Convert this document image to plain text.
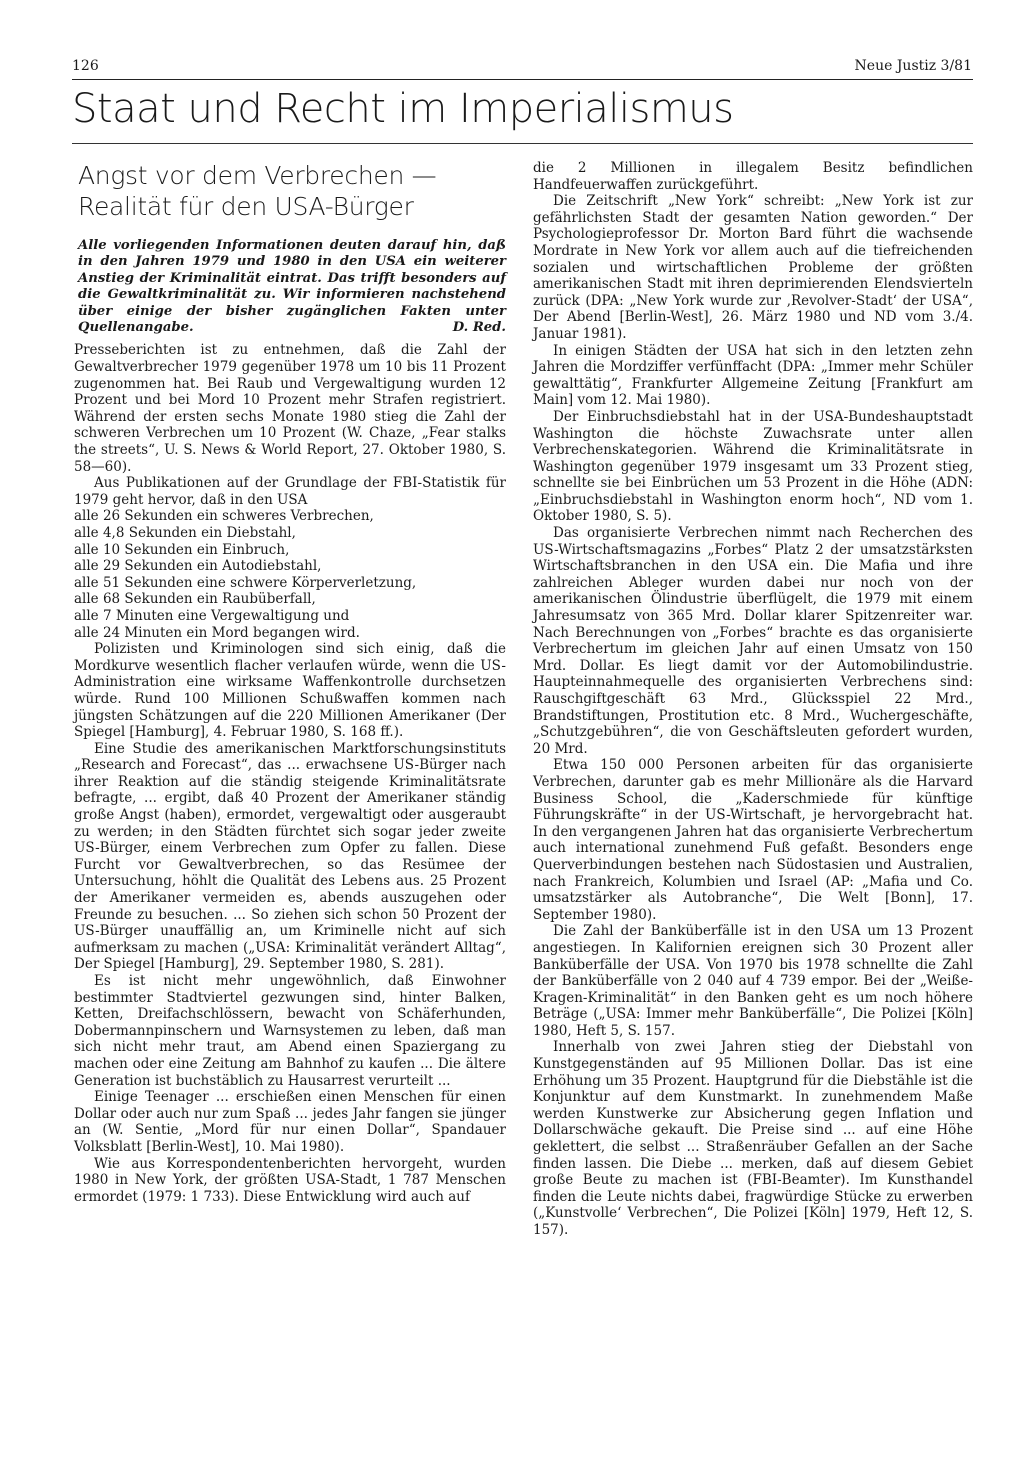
126	Neue Justiz 3/81
Staat und Recht im Imperialismus
Angst vor dem Verbrechen —
Realität für den USA-Bürger
Alle vorliegenden Informationen deuten darauf hin, daß in den Jahren 1979 und 1980 in den USA ein weiterer Anstieg der Kriminalität eintrat. Das trifft besonders auf die Gewaltkriminalität zu. Wir informieren nachstehend über einige der bisher zugänglichen Fakten unter Quellenangabe.	D. Red.

Presseberichten ist zu entnehmen, daß die Zahl der Gewaltverbrecher 1979 gegenüber 1978 um 10 bis 11 Prozent zugenommen hat. Bei Raub und Vergewaltigung wurden 12 Prozent und bei Mord 10 Prozent mehr Strafen registriert. Während der ersten sechs Monate 1980 stieg die Zahl der schweren Verbrechen um 10 Prozent (W. Chaze, „Fear stalks the streets“, U. S. News & World Report, 27. Oktober 1980, S. 58—60).

Aus Publikationen auf der Grundlage der FBI-Statistik für 1979 geht hervor, daß in den USA

alle 26 Sekunden ein schweres Verbrechen,
alle 4,8 Sekunden ein Diebstahl,
alle 10 Sekunden ein Einbruch,
alle 29 Sekunden ein Autodiebstahl,
alle 51 Sekunden eine schwere Körperverletzung,
alle 68 Sekunden ein Raubüberfall,
alle 7 Minuten eine Vergewaltigung und
alle 24 Minuten ein Mord begangen wird.

Polizisten und Kriminologen sind sich einig, daß die Mordkurve wesentlich flacher verlaufen würde, wenn die US-Administration eine wirksame Waffenkontrolle durchsetzen würde. Rund 100 Millionen Schußwaffen kommen nach jüngsten Schätzungen auf die 220 Millionen Amerikaner (Der Spiegel [Hamburg], 4. Februar 1980, S. 168 ff.).

Eine Studie des amerikanischen Marktforschungsinstituts „Research and Forecast“, das ... erwachsene US-Bürger nach ihrer Reaktion auf die ständig steigende Kriminalitätsrate befragte, ... ergibt, daß 40 Prozent der Amerikaner ständig große Angst (haben), ermordet, vergewaltigt oder ausgeraubt zu werden; in den Städten fürchtet sich sogar jeder zweite US-Bürger, einem Verbrechen zum Opfer zu fallen. Diese Furcht vor Gewaltverbrechen, so das Resümee der Untersuchung, höhlt die Qualität des Lebens aus. 25 Prozent der Amerikaner vermeiden es, abends auszugehen oder Freunde zu besuchen. ... So ziehen sich schon 50 Prozent der US-Bürger unauffällig an, um Kriminelle nicht auf sich aufmerksam zu machen („USA: Kriminalität verändert Alltag“, Der Spiegel [Hamburg], 29. September 1980, S. 281).

Es ist nicht mehr ungewöhnlich, daß Einwohner bestimmter Stadtviertel gezwungen sind, hinter Balken, Ketten, Dreifachschlössern, bewacht von Schäferhunden, Dobermannpinschern und Warnsystemen zu leben, daß man sich nicht mehr traut, am Abend einen Spaziergang zu machen oder eine Zeitung am Bahnhof zu kaufen ... Die ältere Generation ist buchstäblich zu Hausarrest verurteilt ...

Einige Teenager ... erschießen einen Menschen für einen Dollar oder auch nur zum Spaß ... jedes Jahr fangen sie jünger an (W. Sentie, „Mord für nur einen Dollar“, Spandauer Volksblatt [Berlin-West], 10. Mai 1980).

Wie aus Korrespondentenberichten hervorgeht, wurden 1980 in New York, der größten USA-Stadt, 1 787 Menschen ermordet (1979: 1 733). Diese Entwicklung wird auch auf

die 2 Millionen in illegalem Besitz befindlichen Handfeuerwaffen zurückgeführt.

Die Zeitschrift „New York“ schreibt: „New York ist zur gefährlichsten Stadt der gesamten Nation geworden.“ Der Psychologieprofessor Dr. Morton Bard führt die wachsende Mordrate in New York vor allem auch auf die tiefreichenden sozialen und wirtschaftlichen Probleme der größten amerikanischen Stadt mit ihren deprimierenden Elendsvierteln zurück (DPA: „New York wurde zur ‚Revolver-Stadt‘ der USA“, Der Abend [Berlin-West], 26. März 1980 und ND vom 3./4. Januar 1981).

In einigen Städten der USA hat sich in den letzten zehn Jahren die Mordziffer verfünffacht (DPA: „Immer mehr Schüler gewalttätig“, Frankfurter Allgemeine Zeitung [Frankfurt am Main] vom 12. Mai 1980).

Der Einbruchsdiebstahl hat in der USA-Bundeshauptstadt Washington die höchste Zuwachsrate unter allen Verbrechenskategorien. Während die Kriminalitätsrate in Washington gegenüber 1979 insgesamt um 33 Prozent stieg, schnellte sie bei Einbrüchen um 53 Prozent in die Höhe (ADN: „Einbruchsdiebstahl in Washington enorm hoch“, ND vom 1. Oktober 1980, S. 5).

Das organisierte Verbrechen nimmt nach Recherchen des US-Wirtschaftsmagazins „Forbes“ Platz 2 der umsatzstärksten Wirtschaftsbranchen in den USA ein. Die Mafia und ihre zahlreichen Ableger wurden dabei nur noch von der amerikanischen Ölindustrie überflügelt, die 1979 mit einem Jahresumsatz von 365 Mrd. Dollar klarer Spitzenreiter war. Nach Berechnungen von „Forbes“ brachte es das organisierte Verbrechertum im gleichen Jahr auf einen Umsatz von 150 Mrd. Dollar. Es liegt damit vor der Automobilindustrie. Haupteinnahmequelle des organisierten Verbrechens sind: Rauschgiftgeschäft 63 Mrd., Glücksspiel 22 Mrd., Brandstiftungen, Prostitution etc. 8 Mrd., Wuchergeschäfte, „Schutzgebühren“, die von Geschäftsleuten gefordert wurden, 20 Mrd.

Etwa 150 000 Personen arbeiten für das organisierte Verbrechen, darunter gab es mehr Millionäre als die Harvard Business School, die „Kaderschmiede für künftige Führungskräfte“ in der US-Wirtschaft, je hervorgebracht hat. In den vergangenen Jahren hat das organisierte Verbrechertum auch international zunehmend Fuß gefaßt. Besonders enge Querverbindungen bestehen nach Südostasien und Australien, nach Frankreich, Kolumbien und Israel (AP: „Mafia und Co. umsatzstärker als Autobranche“, Die Welt [Bonn], 17. September 1980).

Die Zahl der Banküberfälle ist in den USA um 13 Prozent angestiegen. In Kalifornien ereignen sich 30 Prozent aller Banküberfälle der USA. Von 1970 bis 1978 schnellte die Zahl der Banküberfälle von 2 040 auf 4 739 empor. Bei der „Weiße-Kragen-Kriminalität“ in den Banken geht es um noch höhere Beträge („USA: Immer mehr Banküberfälle“, Die Polizei [Köln] 1980, Heft 5, S. 157.

Innerhalb von zwei Jahren stieg der Diebstahl von Kunstgegenständen auf 95 Millionen Dollar. Das ist eine Erhöhung um 35 Prozent. Hauptgrund für die Diebstähle ist die Konjunktur auf dem Kunstmarkt. In zunehmendem Maße werden Kunstwerke zur Absicherung gegen Inflation und Dollarschwäche gekauft. Die Preise sind ... auf eine Höhe geklettert, die selbst ... Straßenräuber Gefallen an der Sache finden lassen. Die Diebe ... merken, daß auf diesem Gebiet große Beute zu machen ist (FBI-Beamter). Im Kunsthandel finden die Leute nichts dabei, fragwürdige Stücke zu erwerben („Kunstvolle‘ Verbrechen“, Die Polizei [Köln] 1979, Heft 12, S. 157).
